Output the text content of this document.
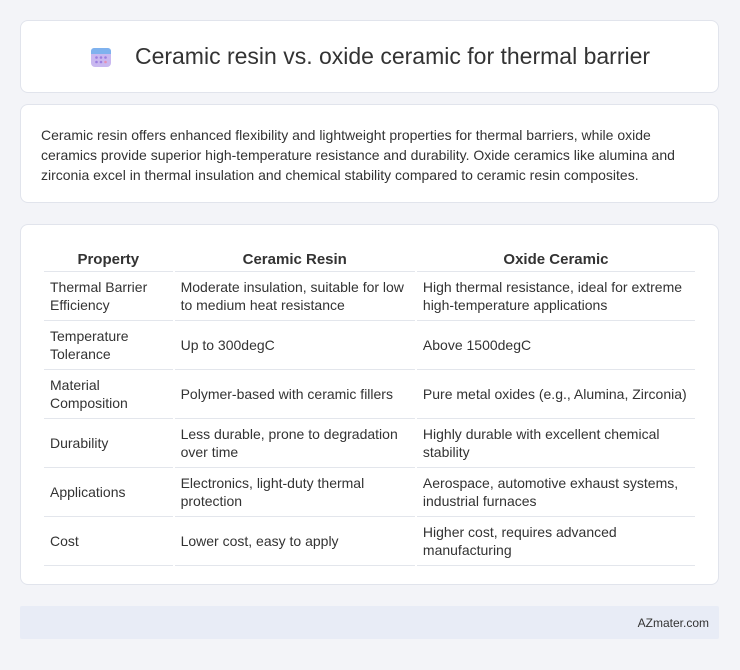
Ceramic resin vs. oxide ceramic for thermal barrier

Ceramic resin offers enhanced flexibility and lightweight properties for thermal barriers, while oxide ceramics provide superior high-temperature resistance and durability. Oxide ceramics like alumina and zirconia excel in thermal insulation and chemical stability compared to ceramic resin composites.

Property	Ceramic Resin	Oxide Ceramic
Thermal Barrier Efficiency	Moderate insulation, suitable for low to medium heat resistance	High thermal resistance, ideal for extreme high-temperature applications
Temperature Tolerance	Up to 300degC	Above 1500degC
Material Composition	Polymer-based with ceramic fillers	Pure metal oxides (e.g., Alumina, Zirconia)
Durability	Less durable, prone to degradation over time	Highly durable with excellent chemical stability
Applications	Electronics, light-duty thermal protection	Aerospace, automotive exhaust systems, industrial furnaces
Cost	Lower cost, easy to apply	Higher cost, requires advanced manufacturing
AZmater.com
